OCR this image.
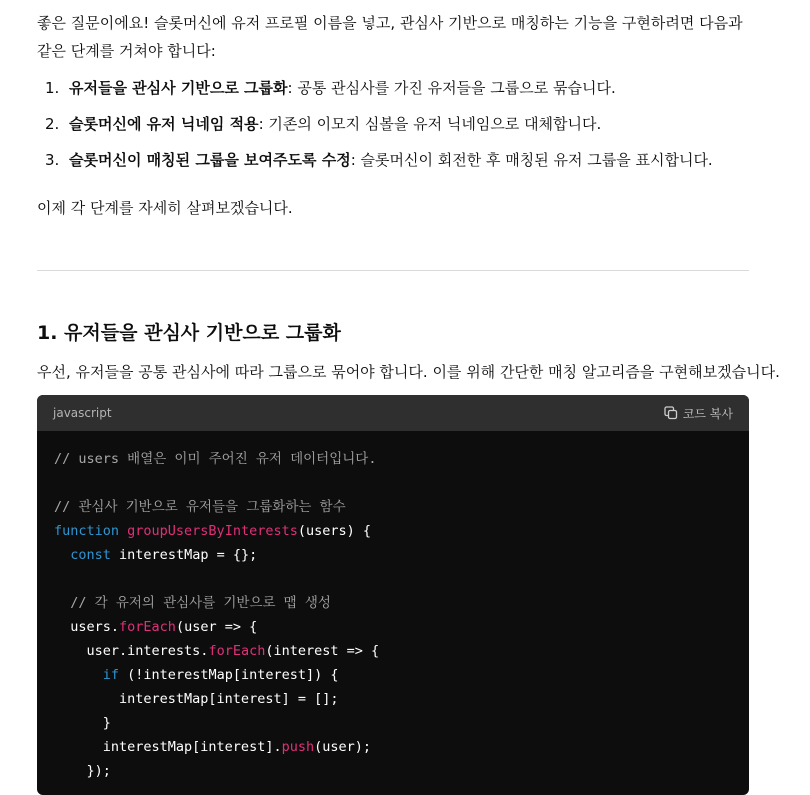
좋은 질문이에요! 슬롯머신에 유저 프로필 이름을 넣고, 관심사 기반으로 매칭하는 기능을 구현하려면 다음과 같은 단계를 거쳐야 합니다:

1. 유저들을 관심사 기반으로 그룹화: 공통 관심사를 가진 유저들을 그룹으로 묶습니다.
2. 슬롯머신에 유저 닉네임 적용: 기존의 이모지 심볼을 유저 닉네임으로 대체합니다.
3. 슬롯머신이 매칭된 그룹을 보여주도록 수정: 슬롯머신이 회전한 후 매칭된 유저 그룹을 표시합니다.

이제 각 단계를 자세히 살펴보겠습니다.

1. 유저들을 관심사 기반으로 그룹화

우선, 유저들을 공통 관심사에 따라 그룹으로 묶어야 합니다. 이를 위해 간단한 매칭 알고리즘을 구현해보겠습니다.

javascript	코드 복사
// users 배열은 이미 주어진 유저 데이터입니다.

// 관심사 기반으로 유저들을 그룹화하는 함수
function groupUsersByInterests(users) {
const interestMap = {};

// 각 유저의 관심사를 기반으로 맵 생성
users.forEach(user => {
user.interests.forEach(interest => {
if (!interestMap[interest]) {
interestMap[interest] = [];
}
interestMap[interest].push(user);
});
